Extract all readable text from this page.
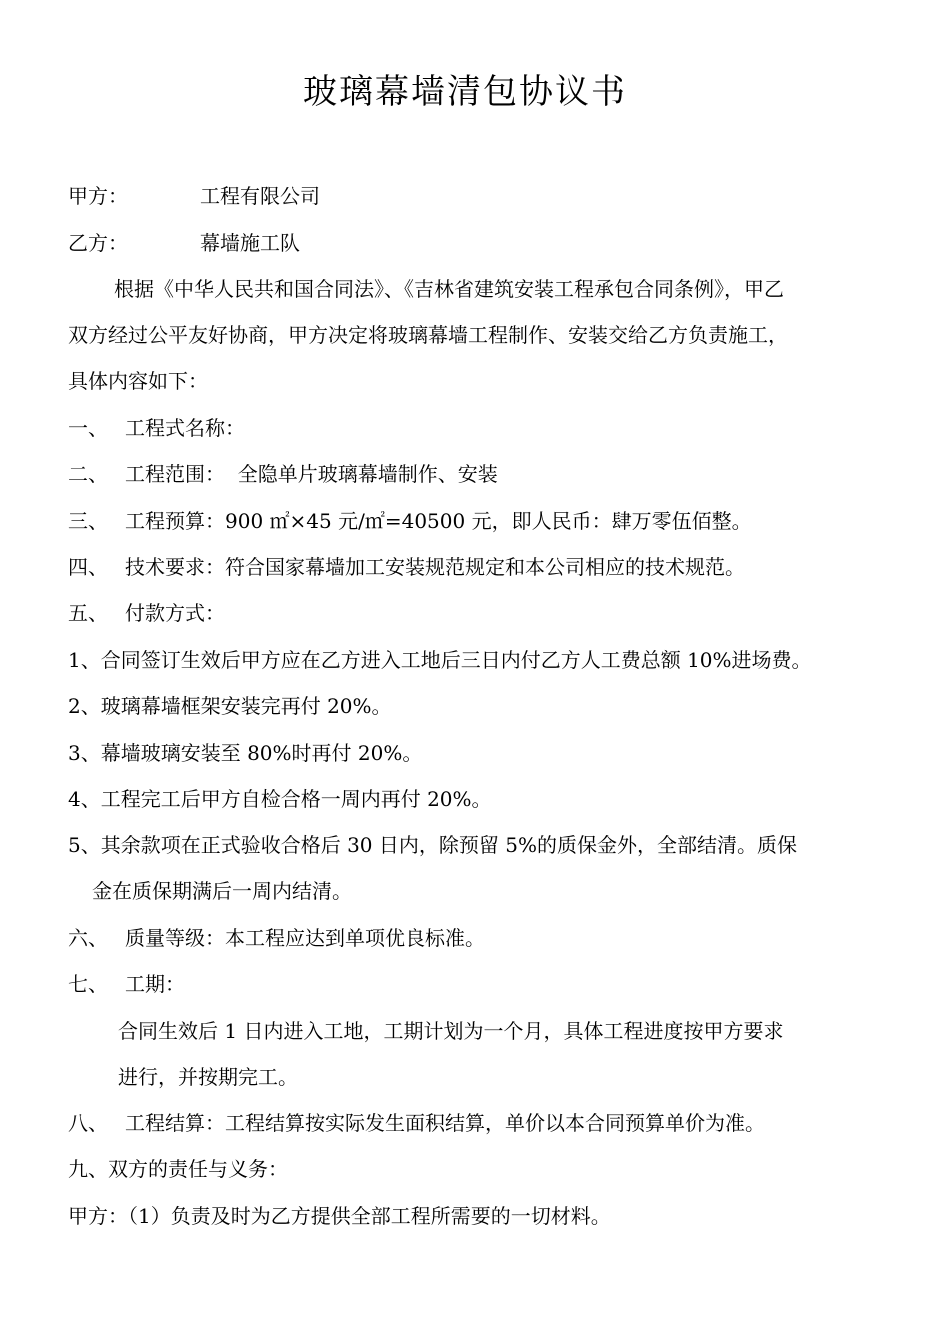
玻璃幕墙清包协议书
甲方：	工程有限公司
乙方：	幕墙施工队
根据《中华人民共和国合同法》、《吉林省建筑安装工程承包合同条例》，甲乙
双方经过公平友好协商，甲方决定将玻璃幕墙工程制作、安装交给乙方负责施工，
具体内容如下：
一、 工程式名称：
二、 工程范围：  全隐单片玻璃幕墙制作、安装
三、 工程预算：900 ㎡×45 元/㎡=40500 元，即人民币：肆万零伍佰整。
四、 技术要求：符合国家幕墙加工安装规范规定和本公司相应的技术规范。
五、 付款方式：
1、合同签订生效后甲方应在乙方进入工地后三日内付乙方人工费总额 10%进场费。
2、玻璃幕墙框架安装完再付 20%。
3、幕墙玻璃安装至 80%时再付 20%。
4、工程完工后甲方自检合格一周内再付 20%。
5、其余款项在正式验收合格后 30 日内，除预留 5%的质保金外，全部结清。质保
金在质保期满后一周内结清。
六、 质量等级：本工程应达到单项优良标准。
七、 工期：
合同生效后 1 日内进入工地，工期计划为一个月，具体工程进度按甲方要求
进行，并按期完工。
八、 工程结算：工程结算按实际发生面积结算，单价以本合同预算单价为准。
九、双方的责任与义务：
甲方：（1）负责及时为乙方提供全部工程所需要的一切材料。
